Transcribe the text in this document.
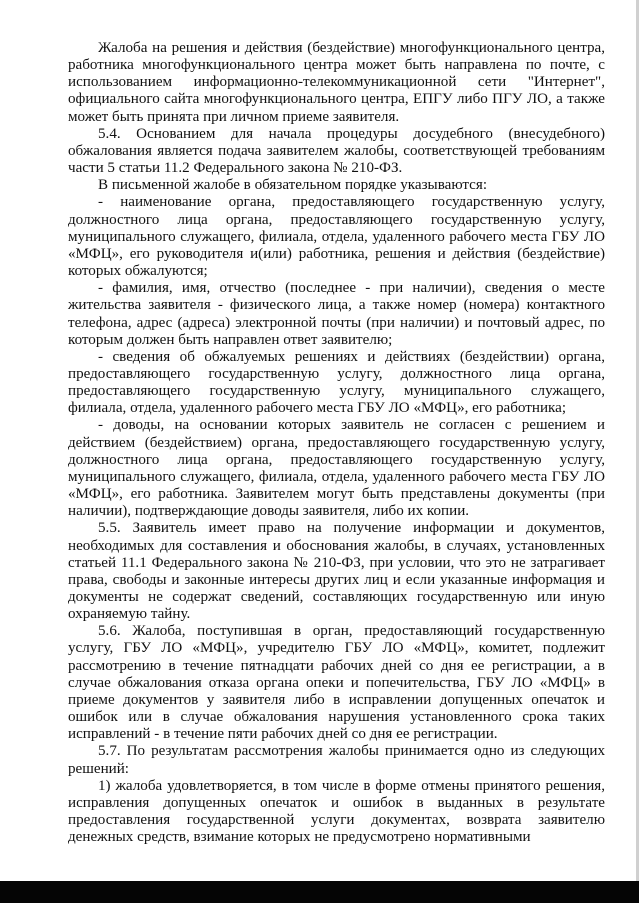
Жалоба на решения и действия (бездействие) многофункционального центра, работника многофункционального центра может быть направлена по почте, с использованием информационно-телекоммуникационной сети "Интернет", официального сайта многофункционального центра, ЕПГУ либо ПГУ ЛО, а также может быть принята при личном приеме заявителя.

5.4. Основанием для начала процедуры досудебного (внесудебного) обжалования является подача заявителем жалобы, соответствующей требованиям части 5 статьи 11.2 Федерального закона № 210-ФЗ.

В письменной жалобе в обязательном порядке указываются:

- наименование органа, предоставляющего государственную услугу, должностного лица органа, предоставляющего государственную услугу, муниципального служащего, филиала, отдела, удаленного рабочего места ГБУ ЛО «МФЦ», его руководителя и(или) работника, решения и действия (бездействие) которых обжалуются;

- фамилия, имя, отчество (последнее - при наличии), сведения о месте жительства заявителя - физического лица, а также номер (номера) контактного телефона, адрес (адреса) электронной почты (при наличии) и почтовый адрес, по которым должен быть направлен ответ заявителю;

- сведения об обжалуемых решениях и действиях (бездействии) органа, предоставляющего государственную услугу, должностного лица органа, предоставляющего государственную услугу, муниципального служащего, филиала, отдела, удаленного рабочего места ГБУ ЛО «МФЦ», его работника;

- доводы, на основании которых заявитель не согласен с решением и действием (бездействием) органа, предоставляющего государственную услугу, должностного лица органа, предоставляющего государственную услугу, муниципального служащего, филиала, отдела, удаленного рабочего места ГБУ ЛО «МФЦ», его работника. Заявителем могут быть представлены документы (при наличии), подтверждающие доводы заявителя, либо их копии.

5.5. Заявитель имеет право на получение информации и документов, необходимых для составления и обоснования жалобы, в случаях, установленных статьей 11.1 Федерального закона № 210-ФЗ, при условии, что это не затрагивает права, свободы и законные интересы других лиц и если указанные информация и документы не содержат сведений, составляющих государственную или иную охраняемую тайну.

5.6. Жалоба, поступившая в орган, предоставляющий государственную услугу, ГБУ ЛО «МФЦ», учредителю ГБУ ЛО «МФЦ», комитет, подлежит рассмотрению в течение пятнадцати рабочих дней со дня ее регистрации, а в случае обжалования отказа органа опеки и попечительства, ГБУ ЛО «МФЦ» в приеме документов у заявителя либо в исправлении допущенных опечаток и ошибок или в случае обжалования нарушения установленного срока таких исправлений - в течение пяти рабочих дней со дня ее регистрации.

5.7. По результатам рассмотрения жалобы принимается одно из следующих решений:

1) жалоба удовлетворяется, в том числе в форме отмены принятого решения, исправления допущенных опечаток и ошибок в выданных в результате предоставления государственной услуги документах, возврата заявителю денежных средств, взимание которых не предусмотрено нормативными
